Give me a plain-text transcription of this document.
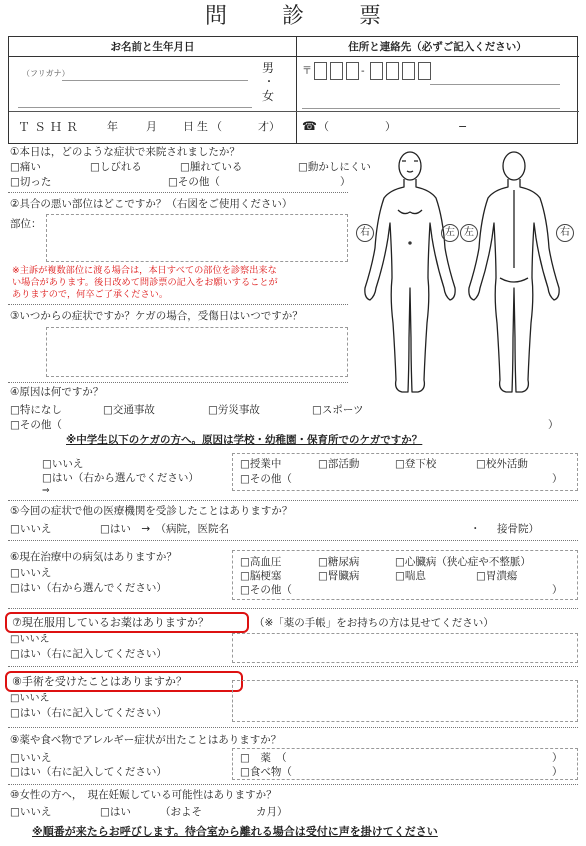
問 診 票
お名前と生年月日	住所と連絡先（必ずご記入ください）
（フリガナ）	男
・
女
ＴＳＨＲ 年	月 日生（	才）
〒	-
☎ （	）	−
①本日は，どのような症状で来院されましたか？
□痛い	□しびれる	□腫れている	□動かしにくい
□切った	□その他（	）
②具合の悪い部位はどこですか？（右図をご使用ください）
部位：
※主訴が複数部位に渡る場合は，本日すべての部位を診察出来な
い場合があります。後日改めて問診票の記入をお願いすることが
ありますので，何卒ご了承ください。
右	左 左	右
③いつからの症状ですか？ケガの場合，受傷日はいつですか？
④原因は何ですか？
□特になし	□交通事故	□労災事故	□スポーツ
□その他（	）
※中学生以下のケガの方へ。原因は学校・幼稚園・保育所でのケガですか？
□いいえ
□はい（右から選んでください）
⇒
□授業中	□部活動	□登下校	□校外活動
□その他（	）
⑤今回の症状で他の医療機関を受診したことはありますか？
□いいえ	□はい　→　（病院，医院名	・ 接骨院）
⑥現在治療中の病気はありますか？
□いいえ
□はい（右から選んでください）
□高血圧	□糖尿病	□心臓病（狭心症や不整脈）
□脳梗塞	□腎臓病	□喘息	□胃潰瘍
□その他（	）
⑦現在服用しているお薬はありますか？	（※「薬の手帳」をお持ちの方は見せてください）
□いいえ
□はい（右に記入してください）
⑧手術を受けたことはありますか？
□いいえ
□はい（右に記入してください）
⑨薬や食べ物でアレルギー症状が出たことはありますか？
□いいえ
□はい（右に記入してください）
□　薬　（	）
□食べ物（	）
⑩女性の方へ，　現在妊娠している可能性はありますか？
□いいえ	□はい	（およそ	カ月）
※順番が来たらお呼びします。待合室から離れる場合は受付に声を掛けてください
